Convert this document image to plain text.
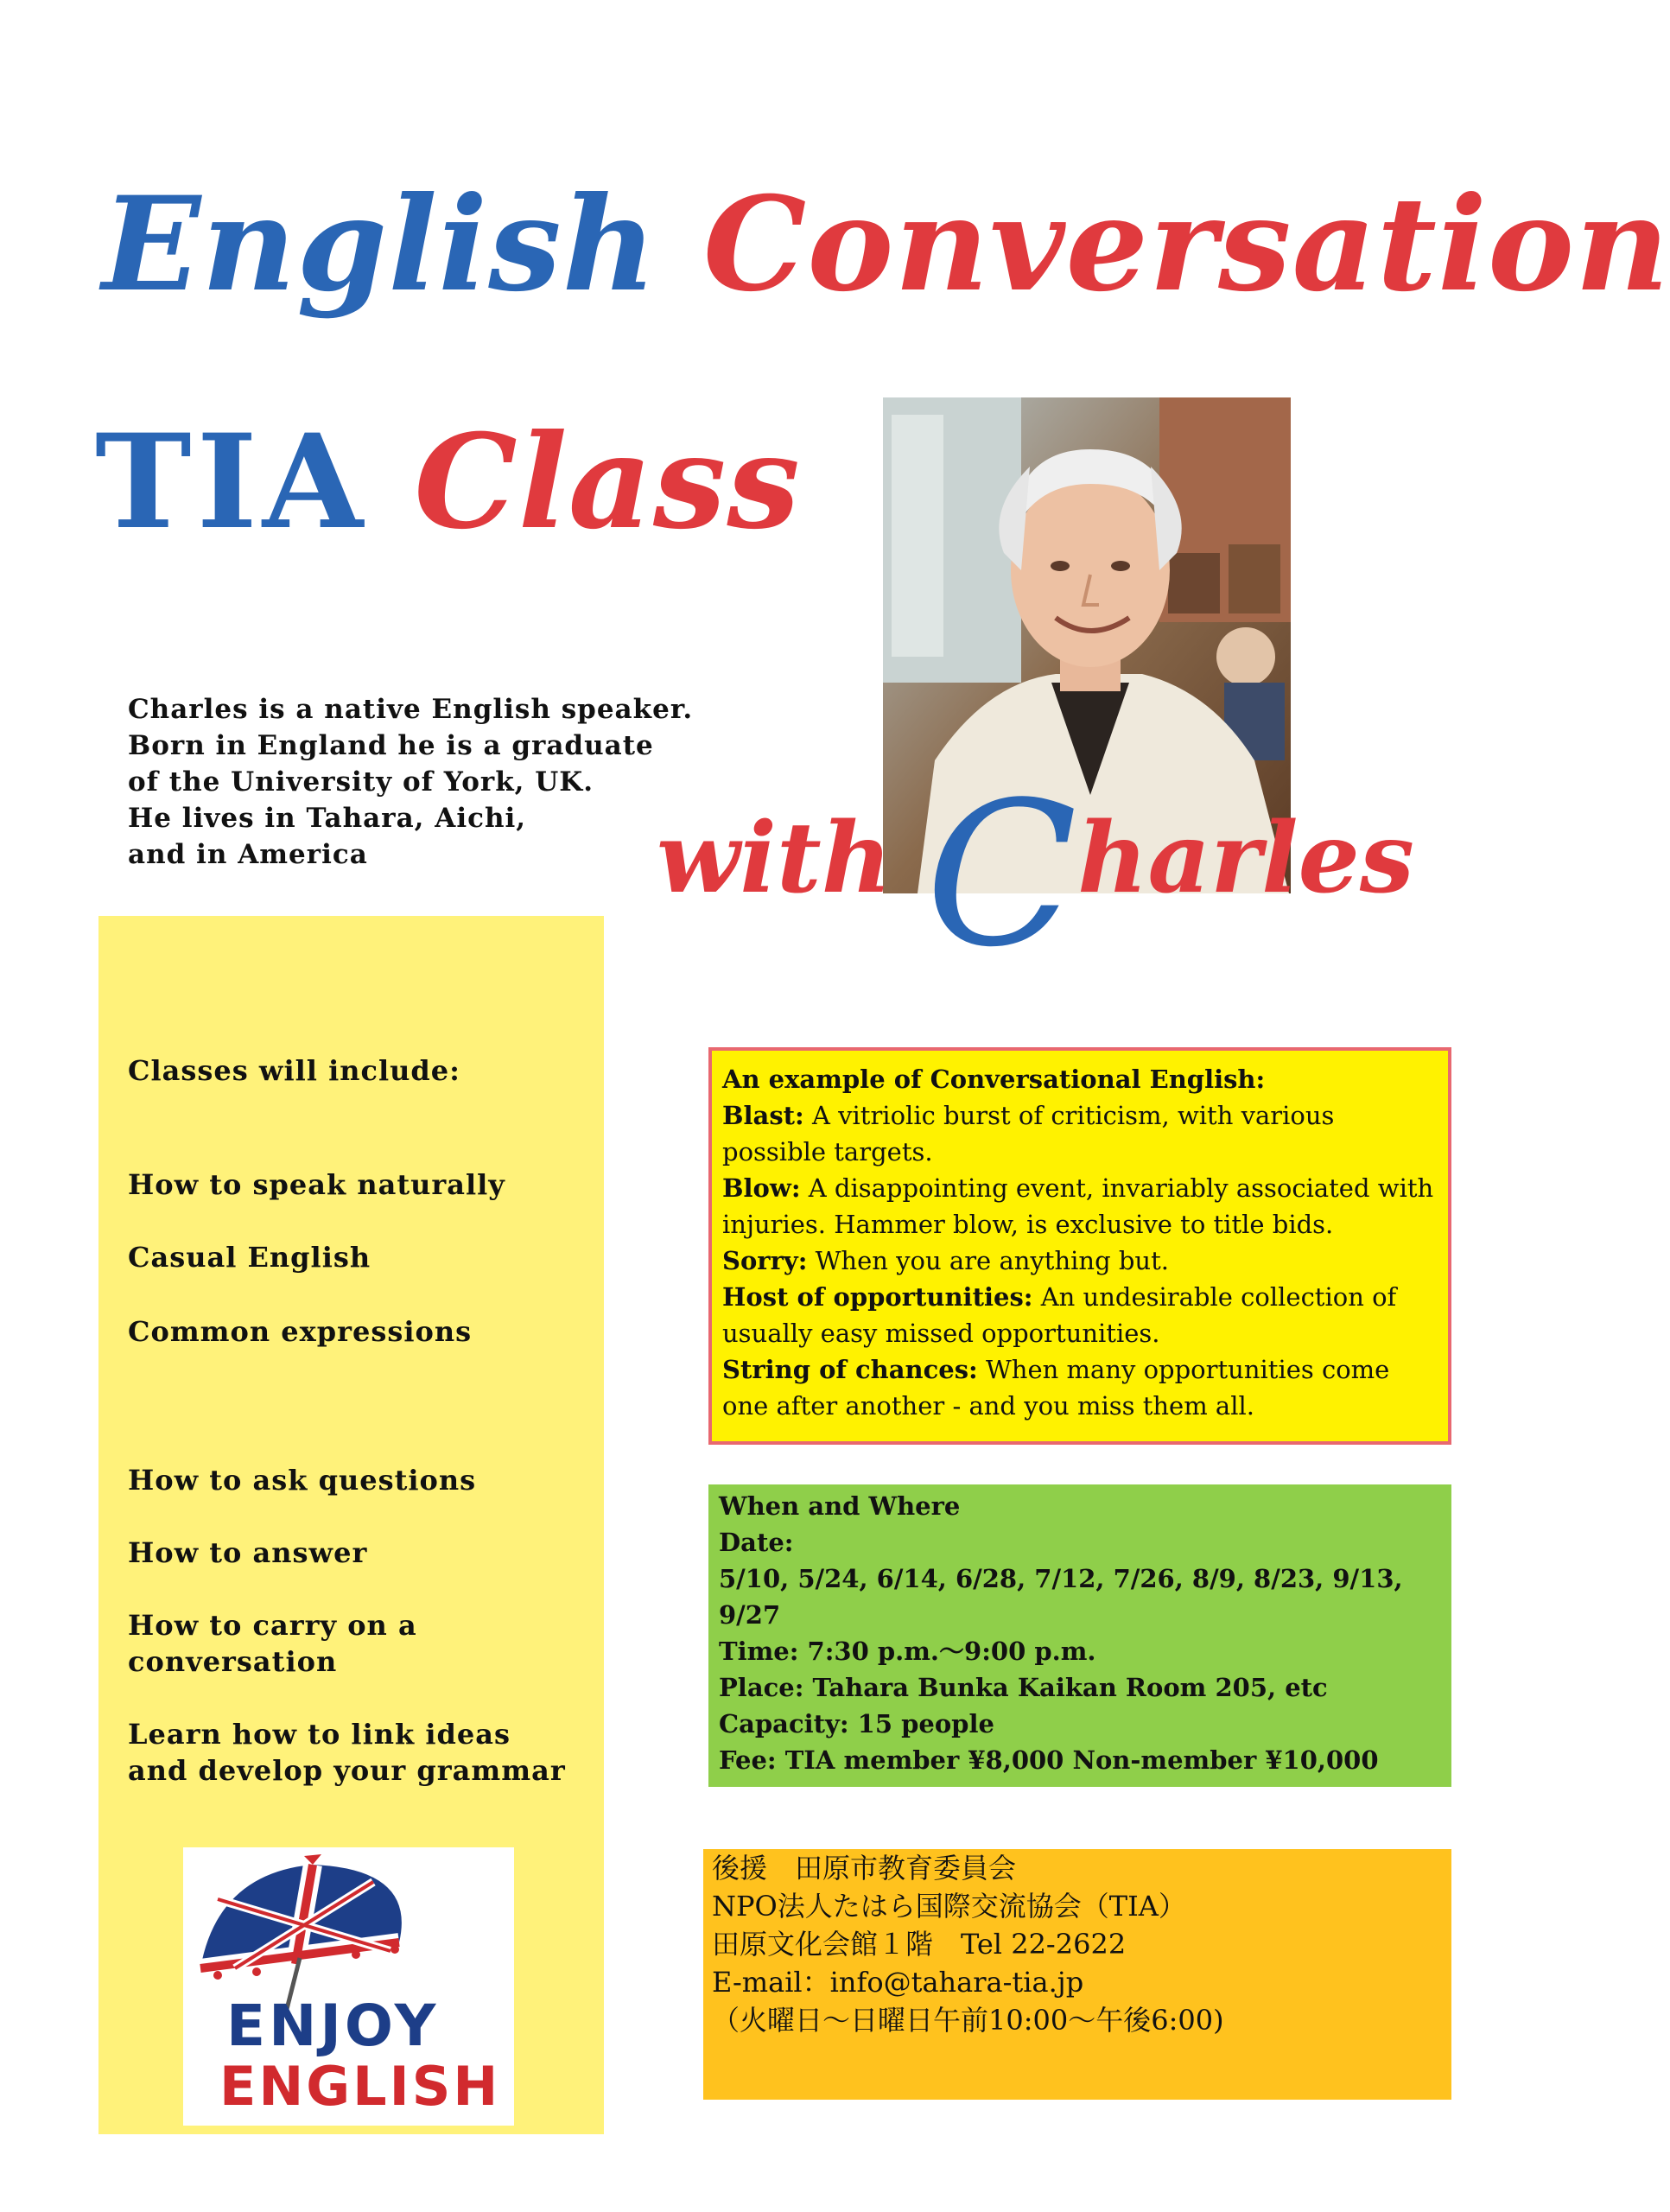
English Conversation
TIA Class
with Charles
Charles is a native English speaker.
Born in England he is a graduate
of the University of York, UK.
He lives in Tahara, Aichi,
and in America
Classes will include:
How to speak naturally
Casual English
Common expressions
How to ask questions
How to answer
How to carry on a
conversation
Learn how to link ideas
and develop your grammar
ENJOY
ENGLISH
An example of Conversational English:
Blast: A vitriolic burst of criticism, with various possible targets.
Blow: A disappointing event, invariably associated with injuries. Hammer blow, is exclusive to title bids.
Sorry: When you are anything but.
Host of opportunities: An undesirable collection of usually easy missed opportunities.
String of chances: When many opportunities come one after another - and you miss them all.
When and Where
Date:
5/10, 5/24, 6/14, 6/28, 7/12, 7/26, 8/9, 8/23, 9/13, 9/27
Time: 7:30 p.m.～9:00 p.m.
Place: Tahara Bunka Kaikan Room 205, etc
Capacity: 15 people
Fee: TIA member ¥8,000 Non-member ¥10,000
後援　田原市教育委員会
NPO法人たはら国際交流協会（TIA）
田原文化会館１階　Tel 22-2622
E-mail：info@tahara-tia.jp
（火曜日～日曜日午前10:00～午後6:00)
